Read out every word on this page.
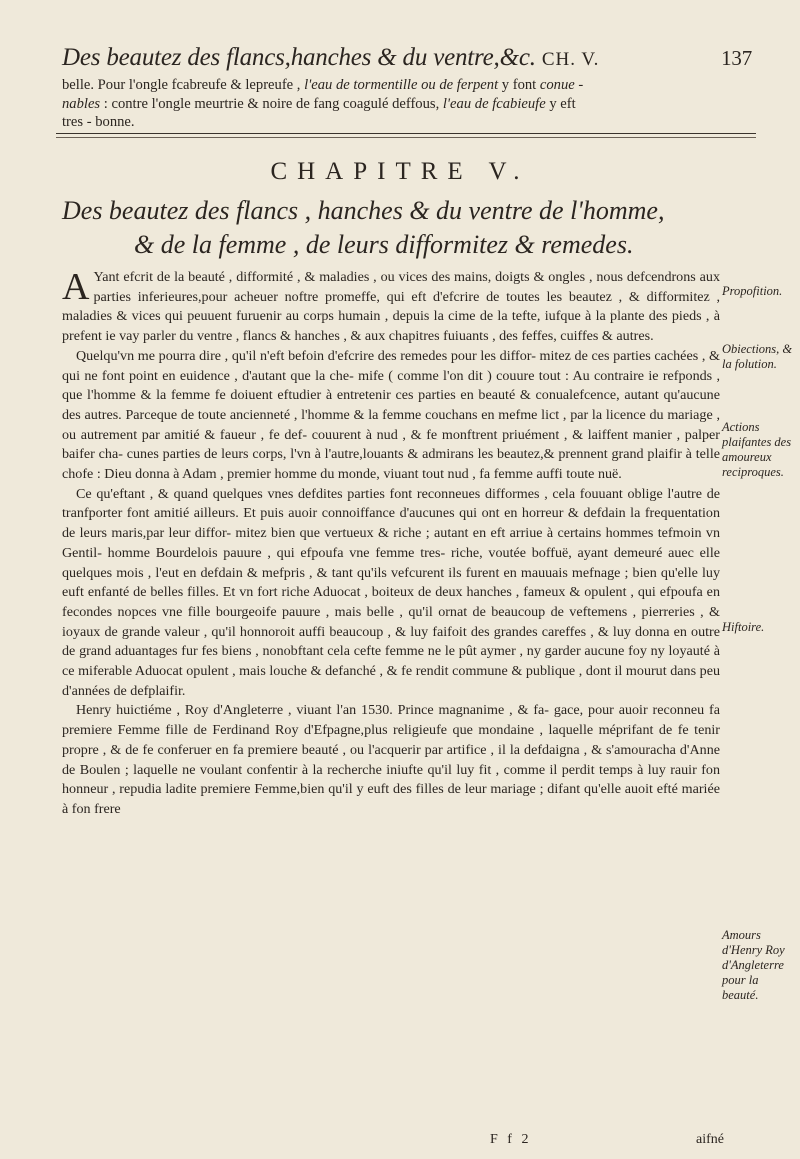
Des beautez des flancs,hanches & du ventre,&c. CH. V.	137
belle. Pour l'ongle fcabreufe & lepreufe , l'eau de tormentille ou de ferpent y font conue -
nables : contre l'ongle meurtrie & noire de fang coagulé deffous, l'eau de fcabieufe y eft
tres - bonne.
CHAPITRE V.
Des beautez des flancs , hanches & du ventre de l'homme,
& de la femme , de leurs difformitez & remedes.

A Yant efcrit de la beauté , difformité , & maladies , ou vices des mains, doigts & ongles , nous defcendrons aux parties inferieures,pour acheuer noftre promeffe, qui eft d'efcrire de toutes les beautez , & difformitez , maladies & vices qui peuuent furuenir au corps humain , depuis la cime de la tefte, iufque à la plante des pieds , à prefent ie vay parler du ventre , flancs & hanches , & aux chapitres fuiuants , des feffes, cuiffes & autres.

Quelqu'vn me pourra dire , qu'il n'eft befoin d'efcrire des remedes pour les diffor- mitez de ces parties cachées , & qui ne font point en euidence , d'autant que la che- mife ( comme l'on dit ) couure tout : Au contraire ie refponds , que l'homme & la femme fe doiuent eftudier à entretenir ces parties en beauté & conualefcence, autant qu'aucune des autres. Parceque de toute ancienneté , l'homme & la femme couchans en mefme lict , par la licence du mariage , ou autrement par amitié & faueur , fe def- couurent à nud , & fe monftrent priuément , & laiffent manier , palper baifer cha- cunes parties de leurs corps, l'vn à l'autre,louants & admirans les beautez,& prennent grand plaifir à telle chofe : Dieu donna à Adam , premier homme du monde, viuant tout nud , fa femme auffi toute nuë.

Ce qu'eftant , & quand quelques vnes defdites parties font reconneues difformes , cela fouuant oblige l'autre de tranfporter font amitié ailleurs. Et puis auoir connoiffance d'aucunes qui ont en horreur & defdain la frequentation de leurs maris,par leur diffor- mitez bien que vertueux & riche ; autant en eft arriue à certains hommes tefmoin vn Gentil- homme Bourdelois pauure , qui efpoufa vne femme tres- riche, voutée boffuë, ayant demeuré auec elle quelques mois , l'eut en defdain & mefpris , & tant qu'ils vefcurent ils furent en mauuais mefnage ; bien qu'elle luy euft enfanté de belles filles. Et vn fort riche Aduocat , boiteux de deux hanches , fameux & opulent , qui efpoufa en fecondes nopces vne fille bourgeoife pauure , mais belle , qu'il ornat de beaucoup de veftemens , pierreries , & ioyaux de grande valeur , qu'il honnoroit auffi beaucoup , & luy faifoit des grandes careffes , & luy donna en outre de grand aduantages fur fes biens , nonobftant cela cefte femme ne le pût aymer , ny garder aucune foy ny loyauté à ce miferable Aduocat opulent , mais louche & defanché , & fe rendit commune & publique , dont il mourut dans peu d'années de defplaifir.

Henry huictiéme , Roy d'Angleterre , viuant l'an 1530. Prince magnanime , & fa- gace, pour auoir reconneu fa premiere Femme fille de Ferdinand Roy d'Efpagne,plus religieufe que mondaine , laquelle méprifant de fe tenir propre , & de fe conferuer en fa premiere beauté , ou l'acquerir par artifice , il la defdaigna , & s'amouracha d'Anne de Boulen ; laquelle ne voulant confentir à la recherche iniufte qu'il luy fit , comme il perdit temps à luy rauir fon honneur , repudia ladite premiere Femme,bien qu'il y euft des filles de leur mariage ; difant qu'elle auoit efté mariée à fon frere

Propofition.
Obiections, & la folution.
Actions plaifantes des amoureux reciproques.
Hiftoire.
Amours d'Henry Roy d'Angleterre pour la beauté.
F f 2	aifné
